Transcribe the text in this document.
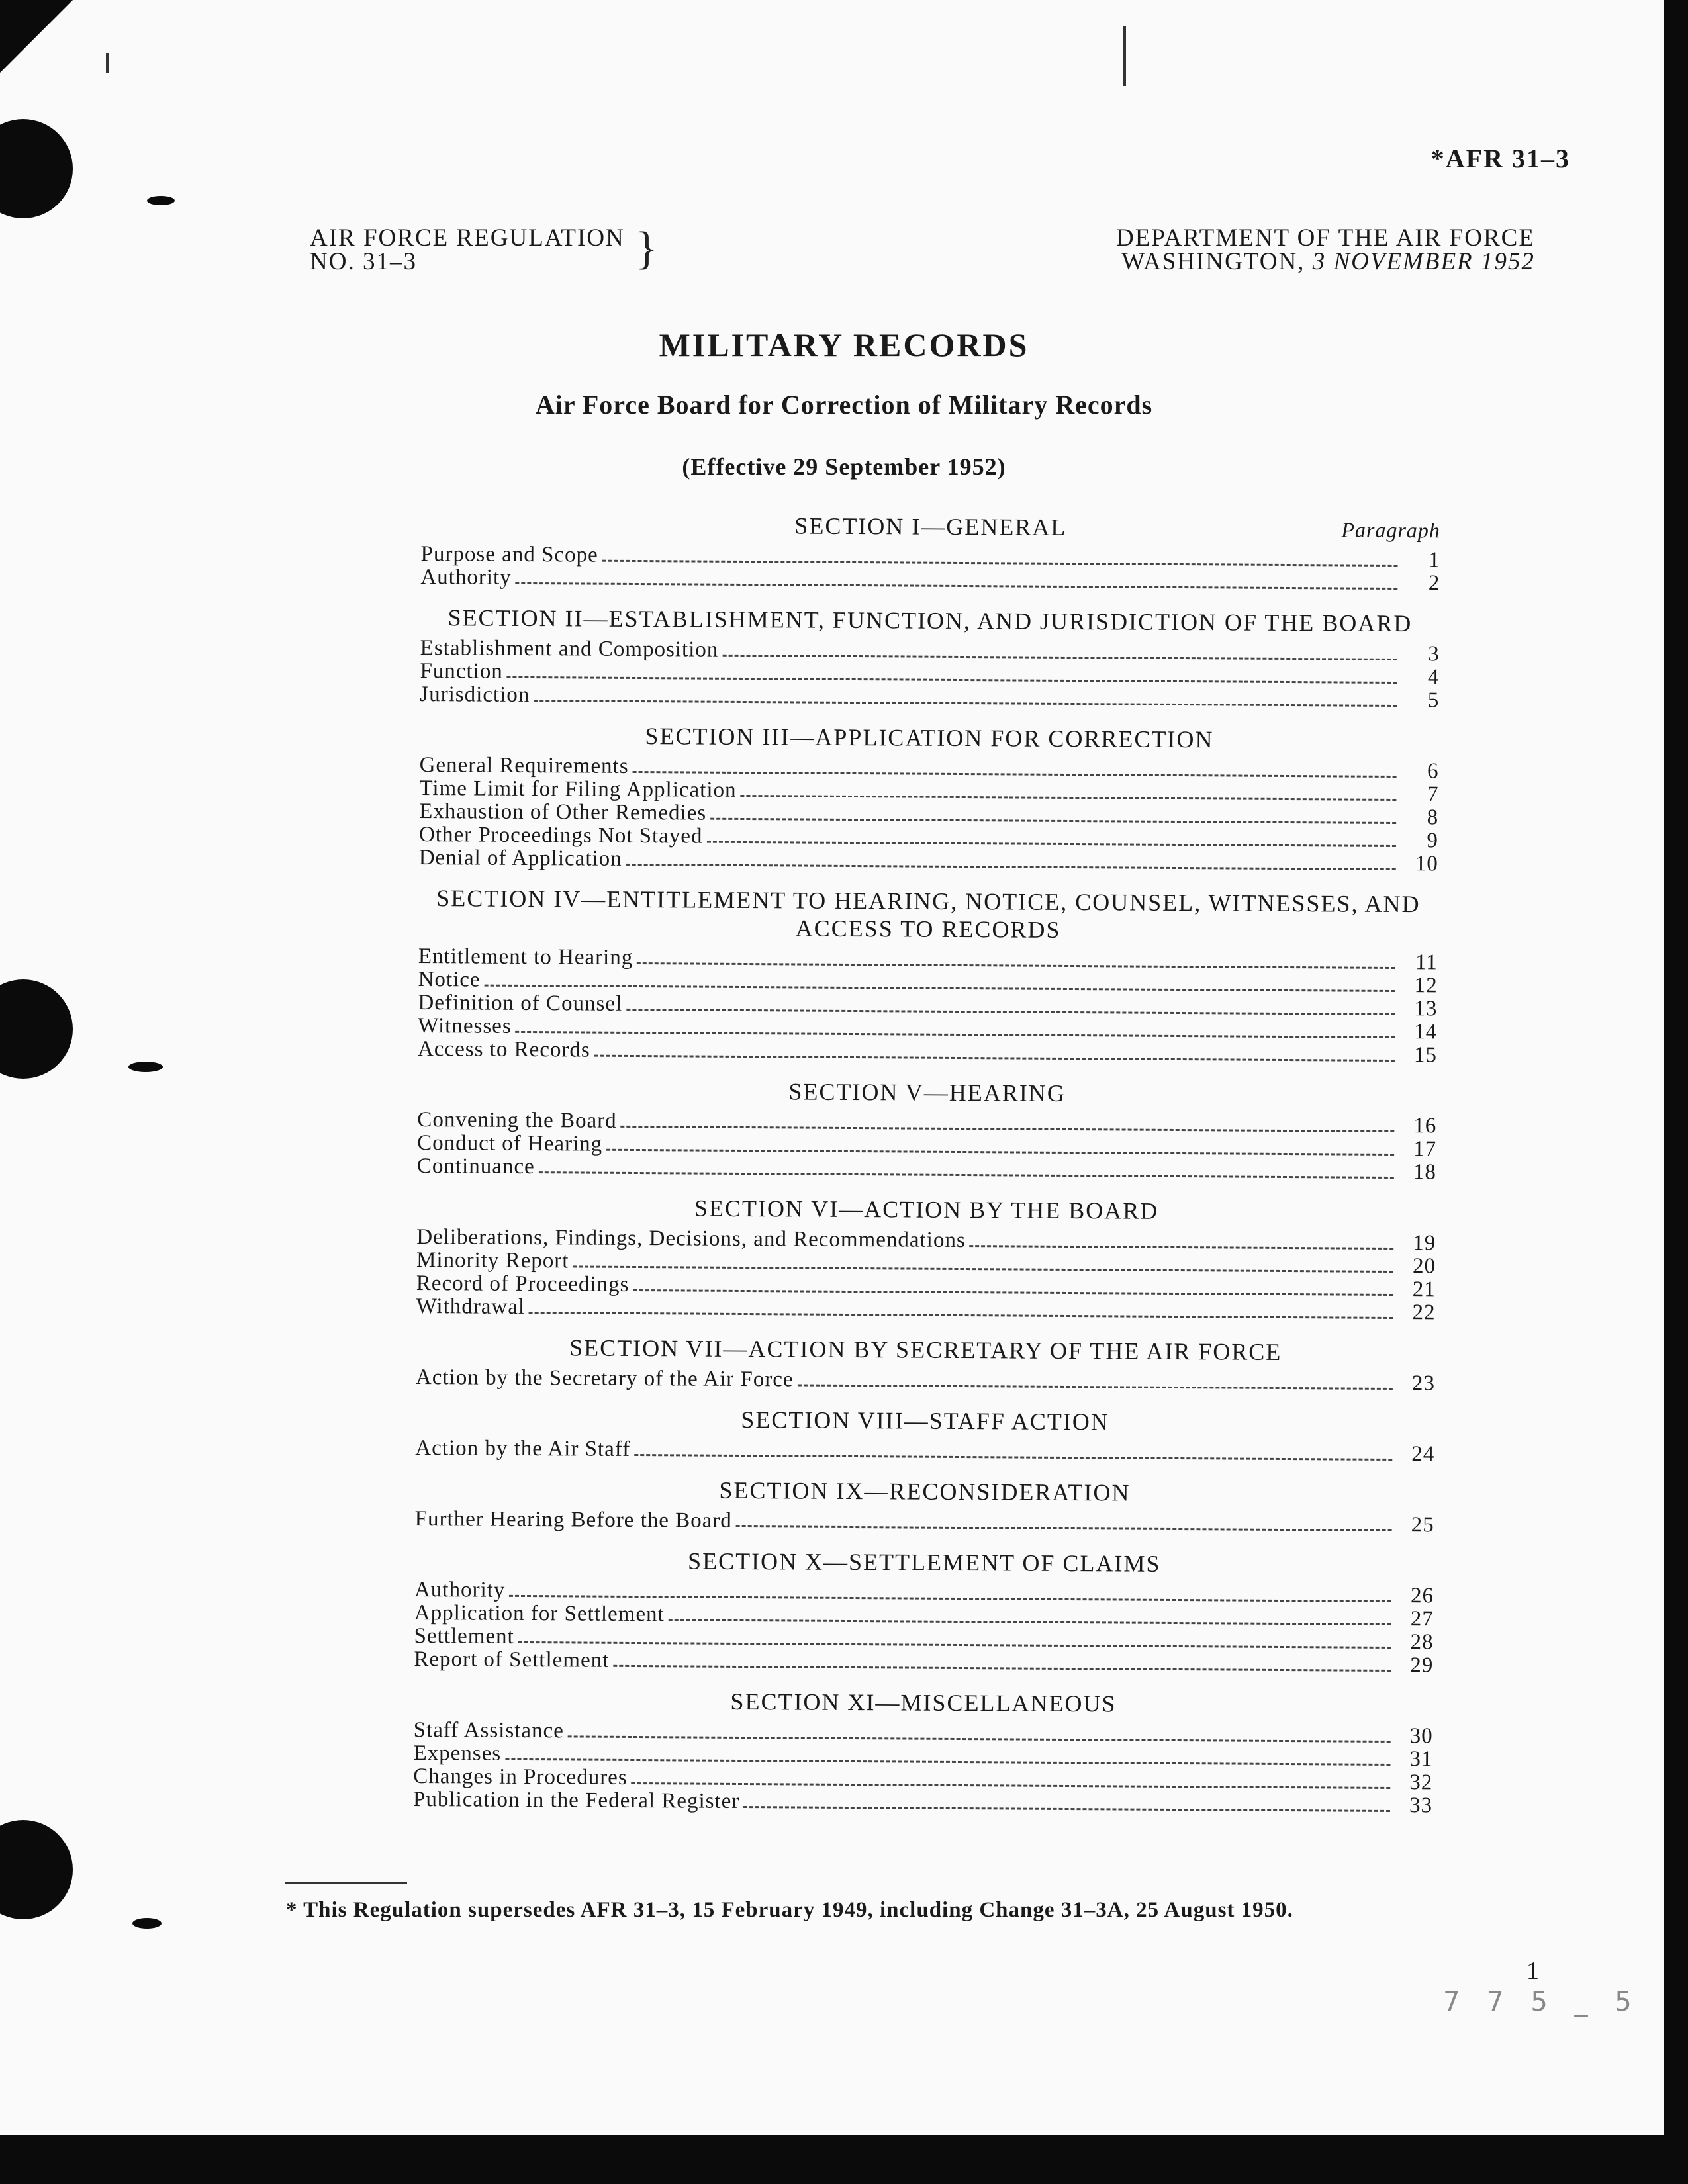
*AFR 31–3
AIR FORCE REGULATION
NO. 31–3	}	DEPARTMENT OF THE AIR FORCE
WASHINGTON, 3 NOVEMBER 1952
MILITARY RECORDS
Air Force Board for Correction of Military Records
(Effective 29 September 1952)
SECTION I—GENERAL	Paragraph
Purpose and Scope	1
Authority	2
SECTION II—ESTABLISHMENT, FUNCTION, AND JURISDICTION OF THE BOARD
Establishment and Composition	3
Function	4
Jurisdiction	5
SECTION III—APPLICATION FOR CORRECTION
General Requirements	6
Time Limit for Filing Application	7
Exhaustion of Other Remedies	8
Other Proceedings Not Stayed	9
Denial of Application	10
SECTION IV—ENTITLEMENT TO HEARING, NOTICE, COUNSEL, WITNESSES, AND ACCESS TO RECORDS
Entitlement to Hearing	11
Notice	12
Definition of Counsel	13
Witnesses	14
Access to Records	15
SECTION V—HEARING
Convening the Board	16
Conduct of Hearing	17
Continuance	18
SECTION VI—ACTION BY THE BOARD
Deliberations, Findings, Decisions, and Recommendations	19
Minority Report	20
Record of Proceedings	21
Withdrawal	22
SECTION VII—ACTION BY SECRETARY OF THE AIR FORCE
Action by the Secretary of the Air Force	23
SECTION VIII—STAFF ACTION
Action by the Air Staff	24
SECTION IX—RECONSIDERATION
Further Hearing Before the Board	25
SECTION X—SETTLEMENT OF CLAIMS
Authority	26
Application for Settlement	27
Settlement	28
Report of Settlement	29
SECTION XI—MISCELLANEOUS
Staff Assistance	30
Expenses	31
Changes in Procedures	32
Publication in the Federal Register	33
* This Regulation supersedes AFR 31–3, 15 February 1949, including Change 31–3A, 25 August 1950.
1
7 7 5 _ 5
